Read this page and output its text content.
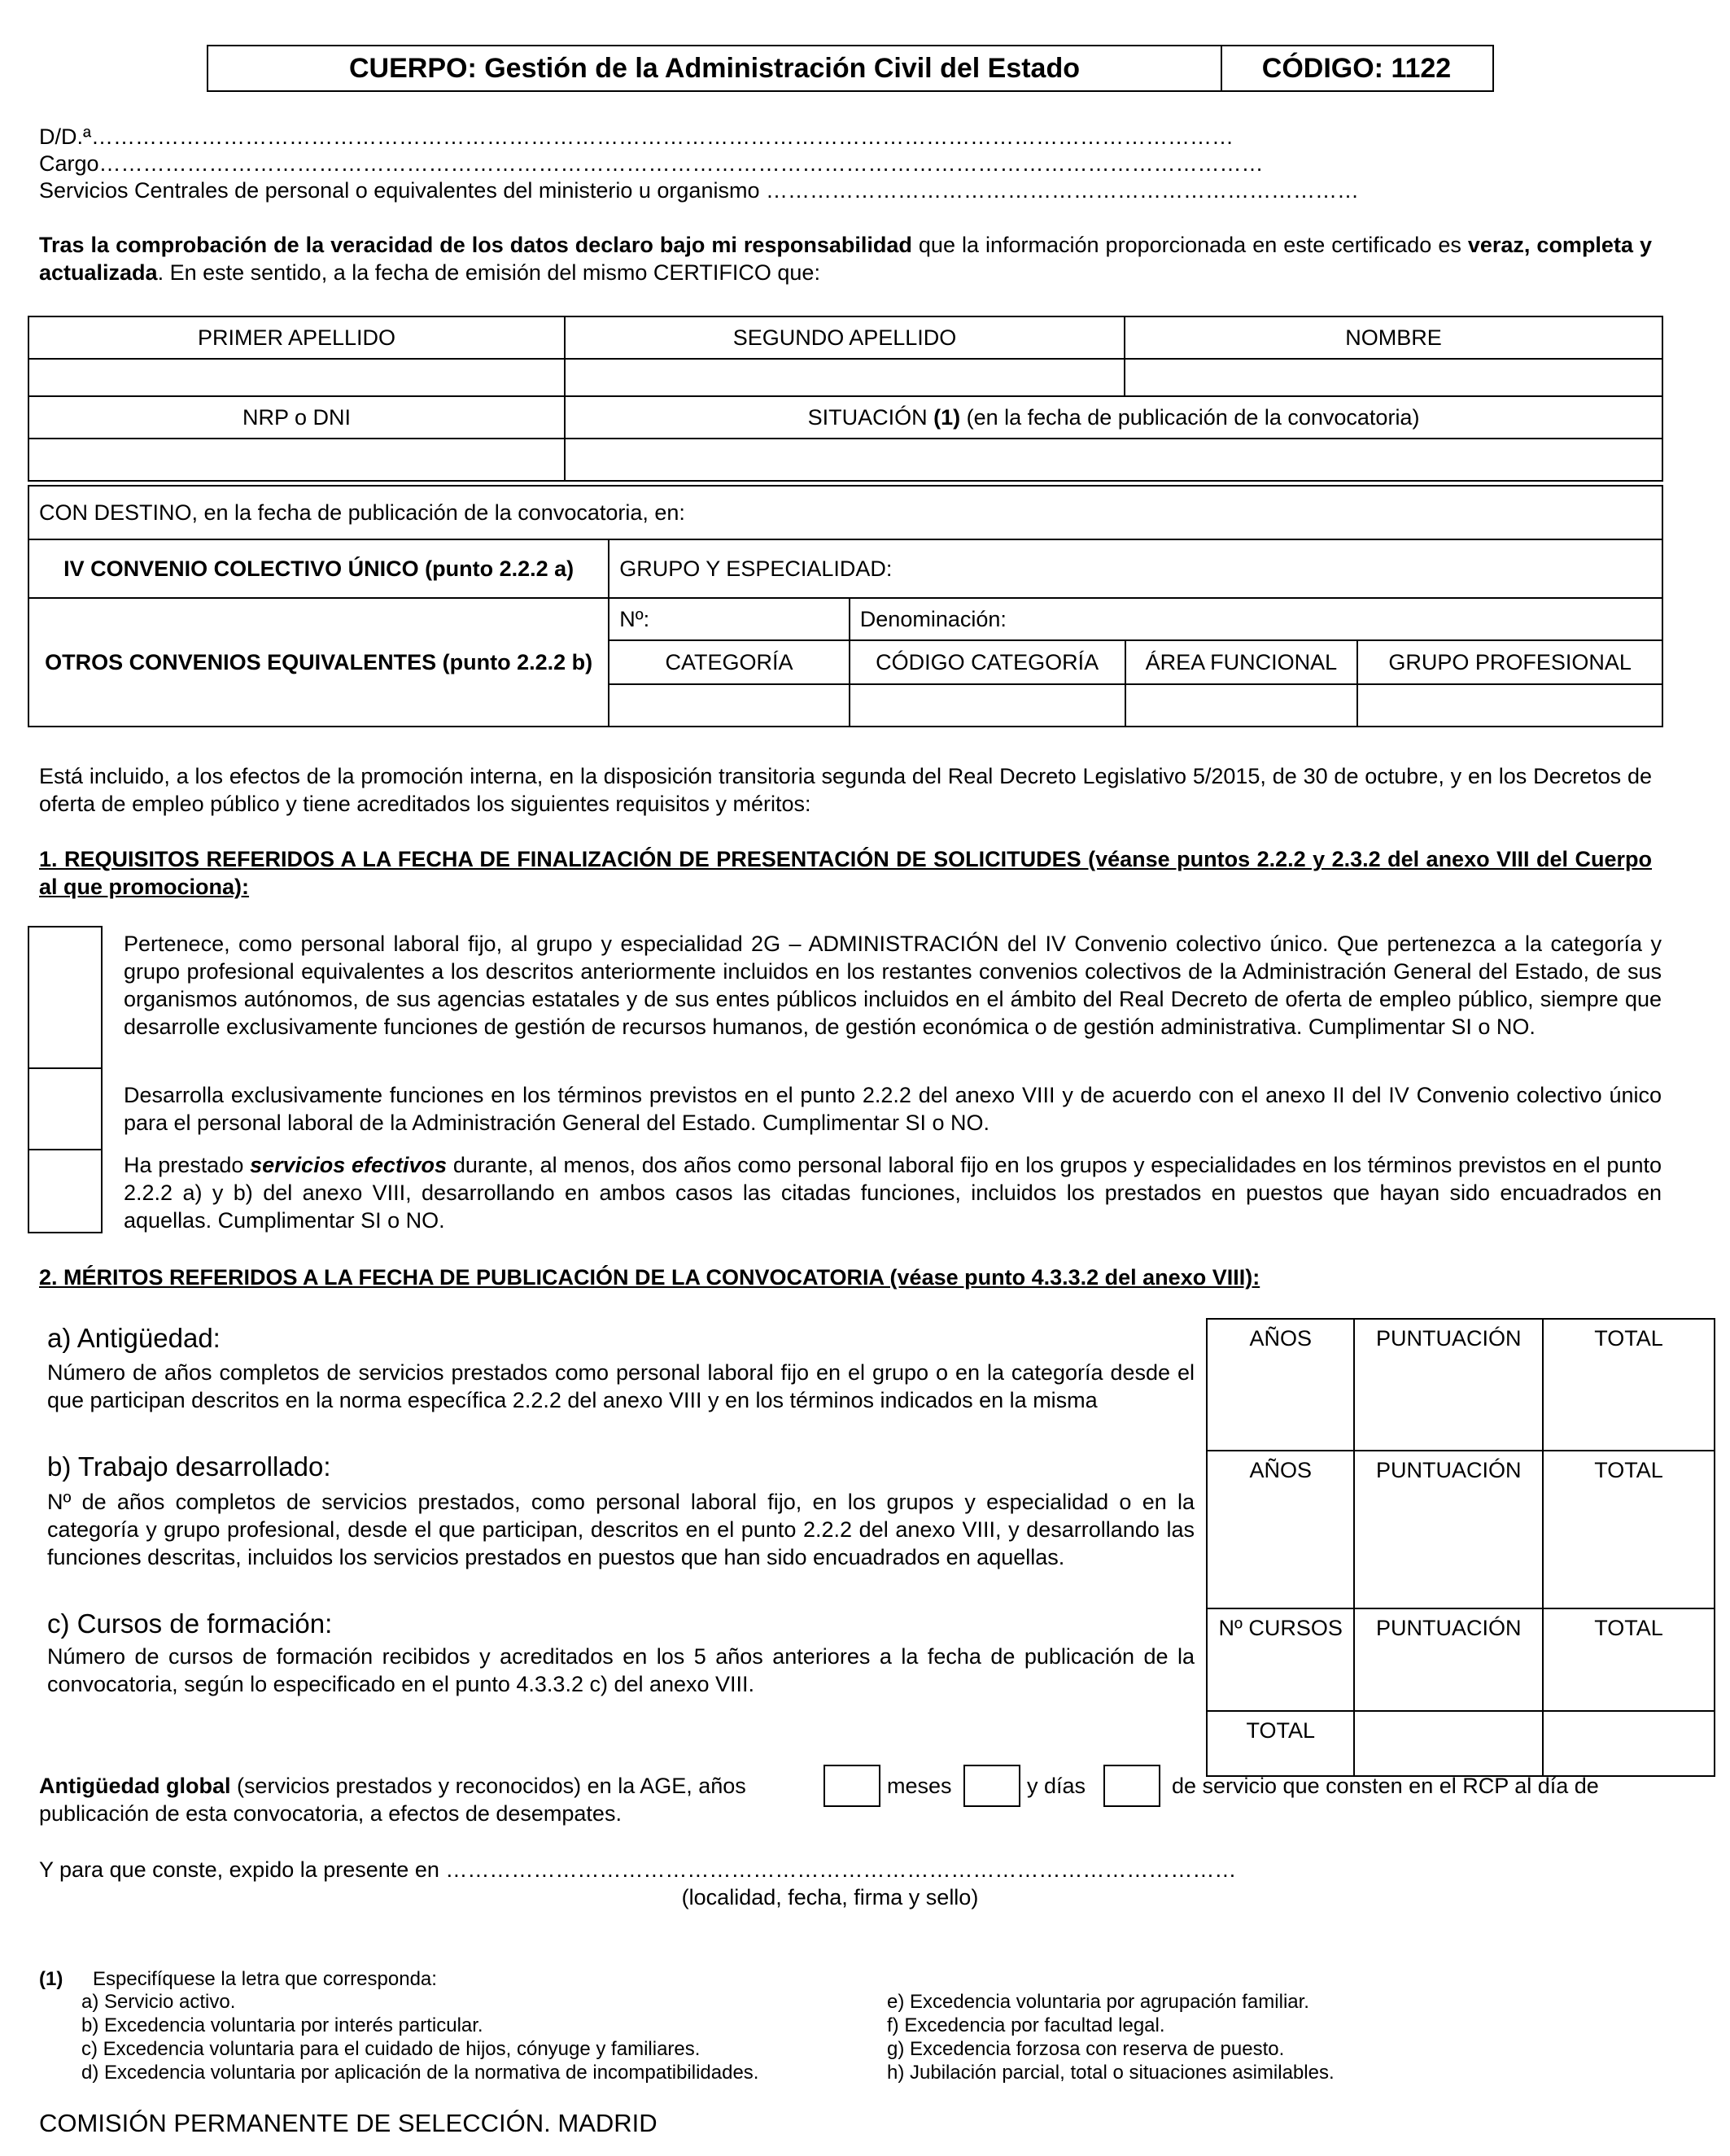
CUERPO: Gestión de la Administración Civil del Estado	CÓDIGO: 1122
D/D.ª…………………………………………………………………………………………………………………………………………
Cargo……………………………………………………………………………………………………………………………………………
Servicios Centrales de personal o equivalentes del ministerio u organismo ………………………………………………………………………
Tras la comprobación de la veracidad de los datos declaro bajo mi responsabilidad que la información proporcionada en este certificado es veraz, completa y actualizada. En este sentido, a la fecha de emisión del mismo CERTIFICO que:
PRIMER APELLIDO	SEGUNDO APELLIDO	NOMBRE

NRP o DNI	SITUACIÓN (1) (en la fecha de publicación de la convocatoria)	

CON DESTINO, en la fecha de publicación de la convocatoria, en:				
IV CONVENIO COLECTIVO ÚNICO (punto 2.2.2 a)	GRUPO Y ESPECIALIDAD:			
OTROS CONVENIOS EQUIVALENTES (punto 2.2.2 b)	Nº:	Denominación:		
	CATEGORÍA	CÓDIGO CATEGORÍA	ÁREA FUNCIONAL	GRUPO PROFESIONAL

Está incluido, a los efectos de la promoción interna, en la disposición transitoria segunda del Real Decreto Legislativo 5/2015, de 30 de octubre, y en los Decretos de oferta de empleo público y tiene acreditados los siguientes requisitos y méritos:
1. REQUISITOS REFERIDOS A LA FECHA DE FINALIZACIÓN DE PRESENTACIÓN DE SOLICITUDES (véanse puntos 2.2.2 y 2.3.2 del anexo VIII del Cuerpo al que promociona):
Pertenece, como personal laboral fijo, al grupo y especialidad 2G – ADMINISTRACIÓN del IV Convenio colectivo único. Que pertenezca a la categoría y grupo profesional equivalentes a los descritos anteriormente incluidos en los restantes convenios colectivos de la Administración General del Estado, de sus organismos autónomos, de sus agencias estatales y de sus entes públicos incluidos en el ámbito del Real Decreto de oferta de empleo público, siempre que desarrolle exclusivamente funciones de gestión de recursos humanos, de gestión económica o de gestión administrativa. Cumplimentar SI o NO.
Desarrolla exclusivamente funciones en los términos previstos en el punto 2.2.2 del anexo VIII y de acuerdo con el anexo II del IV Convenio colectivo único para el personal laboral de la Administración General del Estado. Cumplimentar SI o NO.
Ha prestado servicios efectivos durante, al menos, dos años como personal laboral fijo en los grupos y especialidades en los términos previstos en el punto 2.2.2 a) y b) del anexo VIII, desarrollando en ambos casos las citadas funciones, incluidos los prestados en puestos que hayan sido encuadrados en aquellas. Cumplimentar SI o NO.
2. MÉRITOS REFERIDOS A LA FECHA DE PUBLICACIÓN DE LA CONVOCATORIA (véase punto 4.3.3.2 del anexo VIII):
a) Antigüedad:
Número de años completos de servicios prestados como personal laboral fijo en el grupo o en la categoría desde el que participan descritos en la norma específica 2.2.2 del anexo VIII y en los términos indicados en la misma
b) Trabajo desarrollado:
Nº de años completos de servicios prestados, como personal laboral fijo, en los grupos y especialidad o en la categoría y grupo profesional, desde el que participan, descritos en el punto 2.2.2 del anexo VIII, y desarrollando las funciones descritas, incluidos los servicios prestados en puestos que han sido encuadrados en aquellas.
c) Cursos de formación:
Número de cursos de formación recibidos y acreditados en los 5 años anteriores a la fecha de publicación de la convocatoria, según lo especificado en el punto 4.3.3.2 c) del anexo VIII.
AÑOS	PUNTUACIÓN	TOTAL
AÑOS	PUNTUACIÓN	TOTAL
Nº CURSOS	PUNTUACIÓN	TOTAL
TOTAL		
Antigüedad global (servicios prestados y reconocidos) en la AGE, años	meses	y días	de servicio que consten en el RCP al día de
publicación de esta convocatoria, a efectos de desempates.
Y para que conste, expido la presente en ………………………………………………………………………………………………
(localidad, fecha, firma y sello)
(1) Especifíquese la letra que corresponda:
a) Servicio activo.
b) Excedencia voluntaria por interés particular.
c) Excedencia voluntaria para el cuidado de hijos, cónyuge y familiares.
d) Excedencia voluntaria por aplicación de la normativa de incompatibilidades.
e) Excedencia voluntaria por agrupación familiar.
f) Excedencia por facultad legal.
g) Excedencia forzosa con reserva de puesto.
h) Jubilación parcial, total o situaciones asimilables.
COMISIÓN PERMANENTE DE SELECCIÓN. MADRID
